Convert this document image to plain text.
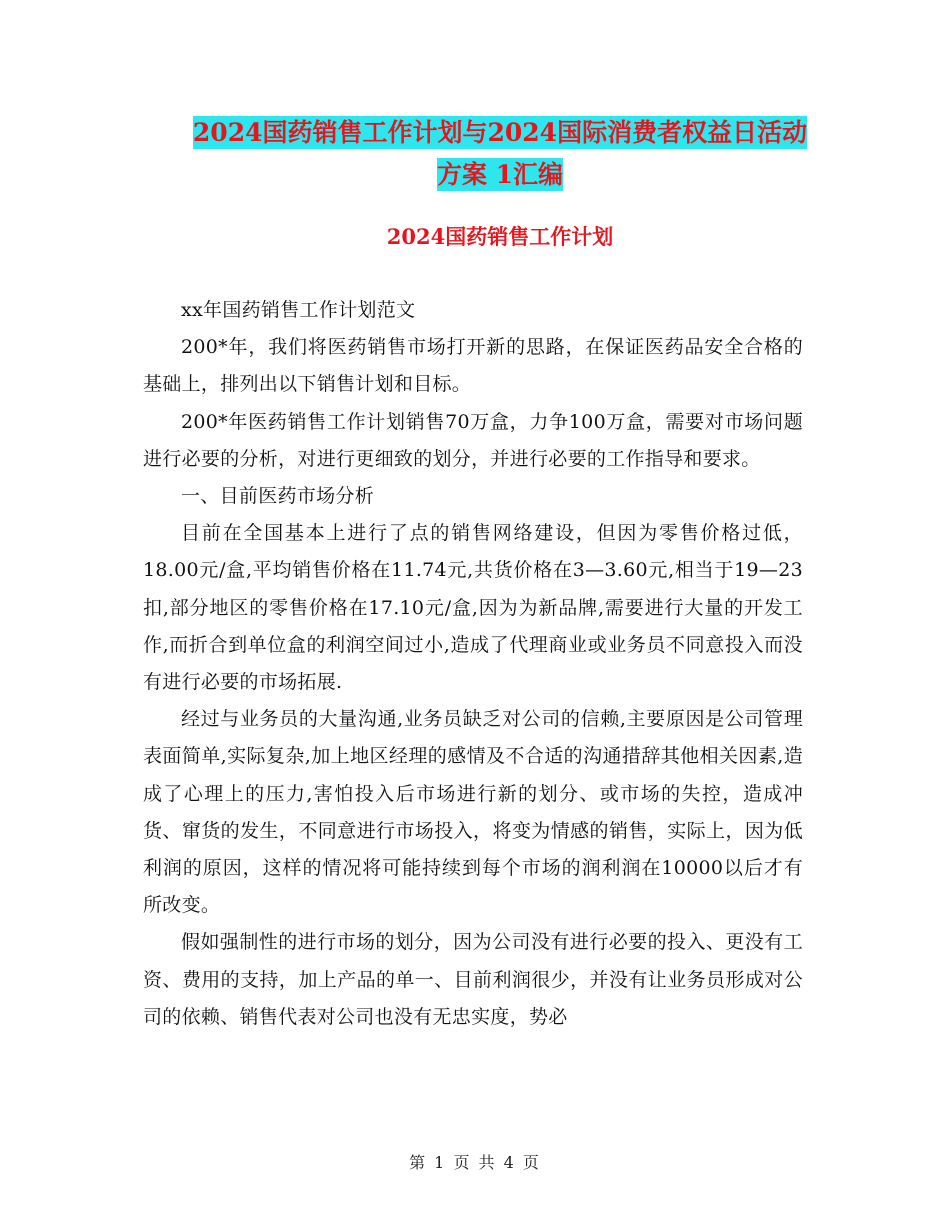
2024国药销售工作计划与2024国际消费者权益日活动
方案 1汇编
2024国药销售工作计划

xx年国药销售工作计划范文

200*年，我们将医药销售市场打开新的思路，在保证医药品安全合格的基础上，排列出以下销售计划和目标。

200*年医药销售工作计划销售70万盒，力争100万盒，需要对市场问题进行必要的分析，对进行更细致的划分，并进行必要的工作指导和要求。

一、目前医药市场分析

目前在全国基本上进行了点的销售网络建设，但因为零售价格过低，18.00元/盒,平均销售价格在11.74元,共货价格在3—3.60元,相当于19—23扣,部分地区的零售价格在17.10元/盒,因为为新品牌,需要进行大量的开发工作,而折合到单位盒的利润空间过小,造成了代理商业或业务员不同意投入而没有进行必要的市场拓展.

经过与业务员的大量沟通,业务员缺乏对公司的信赖,主要原因是公司管理表面简单,实际复杂,加上地区经理的感情及不合适的沟通措辞其他相关因素,造成了心理上的压力,害怕投入后市场进行新的划分、或市场的失控，造成冲货、窜货的发生，不同意进行市场投入，将变为情感的销售，实际上，因为低利润的原因，这样的情况将可能持续到每个市场的润利润在10000以后才有所改变。

假如强制性的进行市场的划分，因为公司没有进行必要的投入、更没有工资、费用的支持，加上产品的单一、目前利润很少，并没有让业务员形成对公司的依赖、销售代表对公司也没有无忠实度，势必

第 1 页 共 4 页
